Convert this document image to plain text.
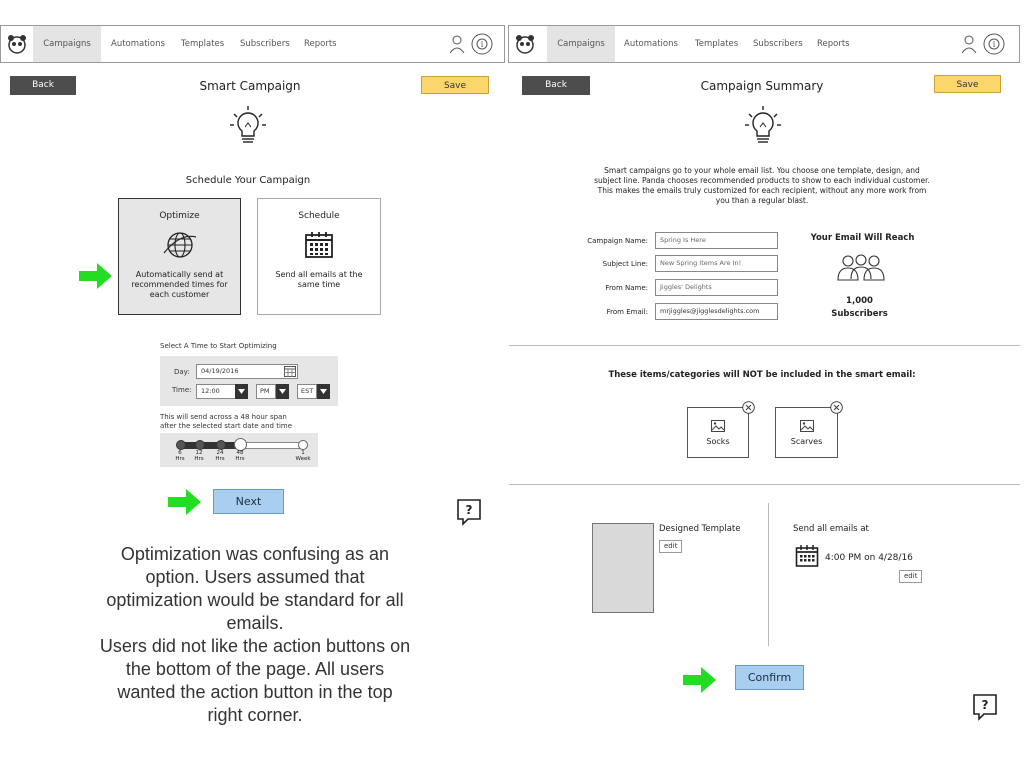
Campaigns	Automations Templates Subscribers Reports	i	Campaigns	Automations Templates Subscribers Reports	i
Back	Smart Campaign	Save
Schedule Your Campaign
Optimize
Automatically send at recommended times for each customer
Schedule
Send all emails at the same time
Select A Time to Start Optimizing
Day:	04/19/2016
Time:	12:00	PM	EST
This will send across a 48 hour span
after the selected start date and time
6
Hrs
12
Hrs
24
Hrs
48
Hrs
1
Week
Next
?
Optimization was confusing as an
option. Users assumed that
optimization would be standard for all
emails.
Users did not like the action buttons on
the bottom of the page. All users
wanted the action button in the top
right corner.
Back	Campaign Summary	Save
Smart campaigns go to your whole email list. You choose one template, design, and
subject line. Panda chooses recommended products to show to each individual customer.
This makes the emails truly customized for each recipient, without any more work from
you than a regular blast.
Campaign Name:	Spring Is Here
Subject Line:	New Spring Items Are In!
From Name:	Jiggles' Delights
From Email:	mrjiggles@jigglesdelights.com
Your Email Will Reach
1,000
Subscribers
These items/categories will NOT be included in the smart email:
Socks	Scarves
Designed Template
edit
Send all emails at
4:00 PM on 4/28/16
edit
Confirm
?
